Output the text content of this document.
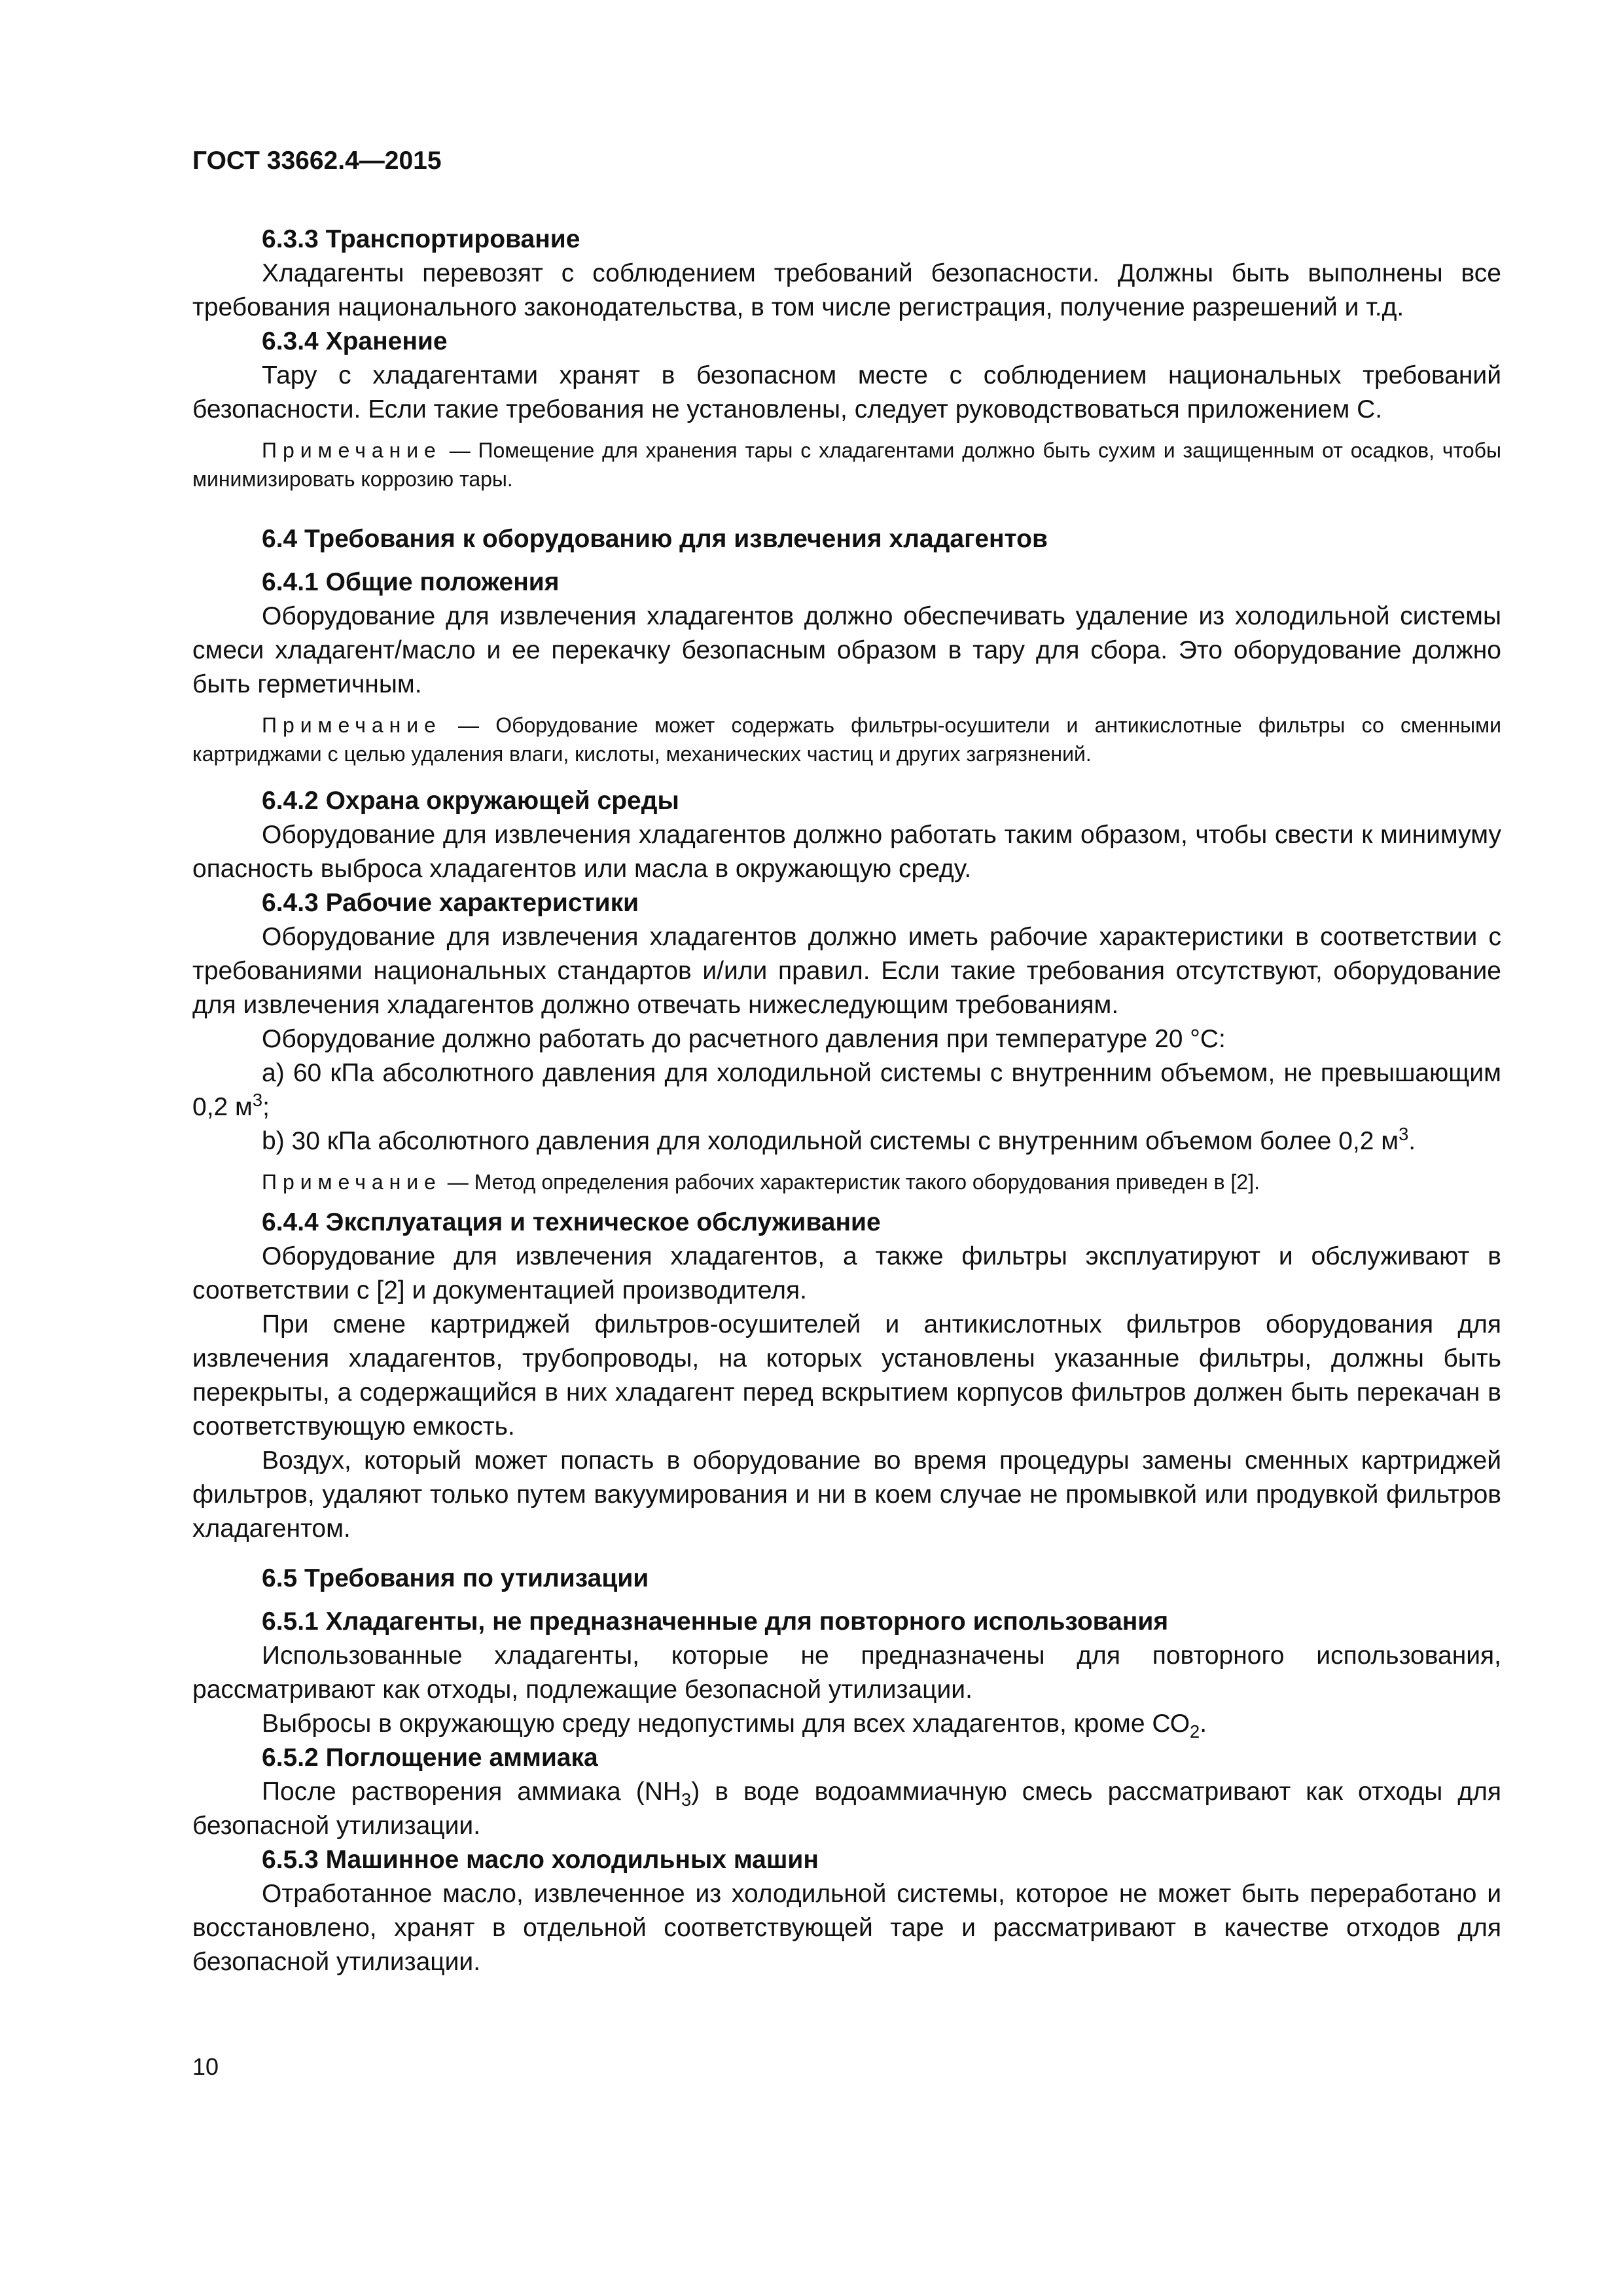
ГОСТ 33662.4—2015

6.3.3 Транспортирование

Хладагенты перевозят с соблюдением требований безопасности. Должны быть выполнены все требования национального законодательства, в том числе регистрация, получение разрешений и т.д.

6.3.4 Хранение

Тару с хладагентами хранят в безопасном месте с соблюдением национальных требований безопасности. Если такие требования не установлены, следует руководствоваться приложением С.

Примечание — Помещение для хранения тары с хладагентами должно быть сухим и защищенным от осадков, чтобы минимизировать коррозию тары.

6.4 Требования к оборудованию для извлечения хладагентов

6.4.1 Общие положения

Оборудование для извлечения хладагентов должно обеспечивать удаление из холодильной системы смеси хладагент/масло и ее перекачку безопасным образом в тару для сбора. Это оборудование должно быть герметичным.

Примечание — Оборудование может содержать фильтры-осушители и антикислотные фильтры со сменными картриджами с целью удаления влаги, кислоты, механических частиц и других загрязнений.

6.4.2 Охрана окружающей среды

Оборудование для извлечения хладагентов должно работать таким образом, чтобы свести к минимуму опасность выброса хладагентов или масла в окружающую среду.

6.4.3 Рабочие характеристики

Оборудование для извлечения хладагентов должно иметь рабочие характеристики в соответствии с требованиями национальных стандартов и/или правил. Если такие требования отсутствуют, оборудование для извлечения хладагентов должно отвечать нижеследующим требованиям.

Оборудование должно работать до расчетного давления при температуре 20 °С:

а) 60 кПа абсолютного давления для холодильной системы с внутренним объемом, не превышающим 0,2 $м^3$;

b) 30 кПа абсолютного давления для холодильной системы с внутренним объемом более 0,2 $м^3$.

Примечание — Метод определения рабочих характеристик такого оборудования приведен в [2].

6.4.4 Эксплуатация и техническое обслуживание

Оборудование для извлечения хладагентов, а также фильтры эксплуатируют и обслуживают в соответствии с [2] и документацией производителя.

При смене картриджей фильтров-осушителей и антикислотных фильтров оборудования для извлечения хладагентов, трубопроводы, на которых установлены указанные фильтры, должны быть перекрыты, а содержащийся в них хладагент перед вскрытием корпусов фильтров должен быть перекачан в соответствующую емкость.

Воздух, который может попасть в оборудование во время процедуры замены сменных картриджей фильтров, удаляют только путем вакуумирования и ни в коем случае не промывкой или продувкой фильтров хладагентом.

6.5 Требования по утилизации

6.5.1 Хладагенты, не предназначенные для повторного использования

Использованные хладагенты, которые не предназначены для повторного использования, рассматривают как отходы, подлежащие безопасной утилизации.

Выбросы в окружающую среду недопустимы для всех хладагентов, кроме $СО_2$.

6.5.2 Поглощение аммиака

После растворения аммиака $(NH_3)$ в воде водоаммиачную смесь рассматривают как отходы для безопасной утилизации.

6.5.3 Машинное масло холодильных машин

Отработанное масло, извлеченное из холодильной системы, которое не может быть переработано и восстановлено, хранят в отдельной соответствующей таре и рассматривают в качестве отходов для безопасной утилизации.

10
